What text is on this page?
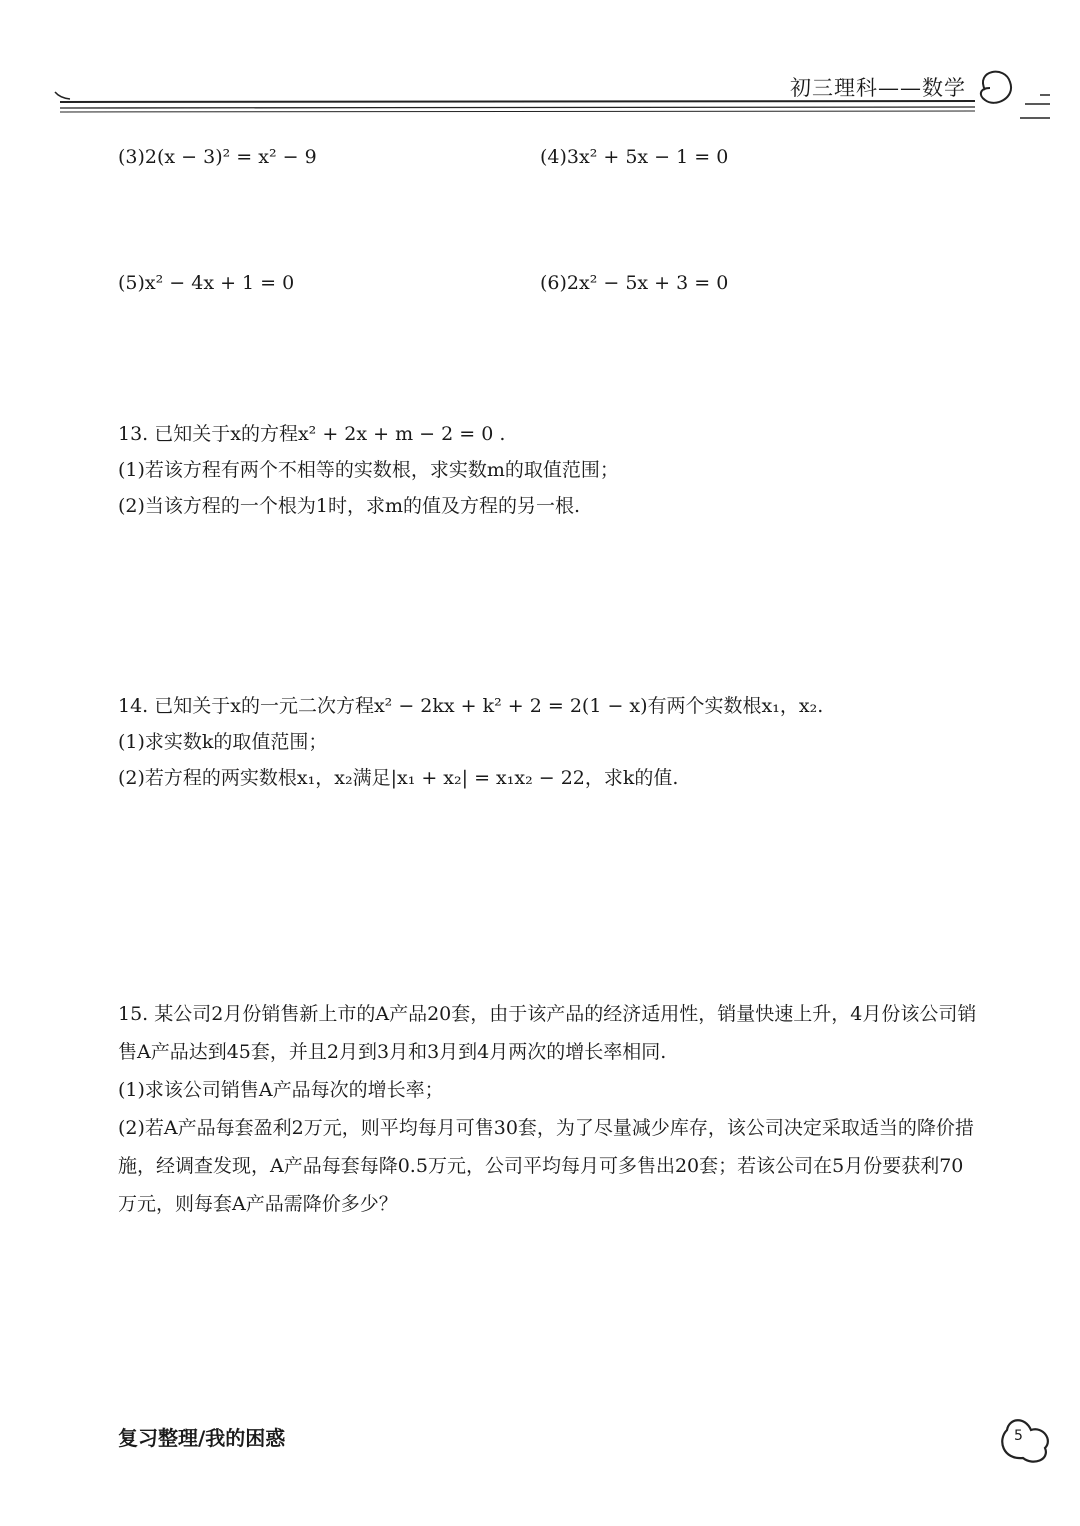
初三理科——数学
(3)2(x − 3)² = x² − 9	(4)3x² + 5x − 1 = 0
(5)x² − 4x + 1 = 0	(6)2x² − 5x + 3 = 0

13. 已知关于x的方程x² + 2x + m − 2 = 0 .

(1)若该方程有两个不相等的实数根，求实数m的取值范围；

(2)当该方程的一个根为1时，求m的值及方程的另一根.

14. 已知关于x的一元二次方程x² − 2kx + k² + 2 = 2(1 − x)有两个实数根x₁，x₂.

(1)求实数k的取值范围；

(2)若方程的两实数根x₁，x₂满足|x₁ + x₂| = x₁x₂ − 22，求k的值.

15. 某公司2月份销售新上市的A产品20套，由于该产品的经济适用性，销量快速上升，4月份该公司销售A产品达到45套，并且2月到3月和3月到4月两次的增长率相同.

(1)求该公司销售A产品每次的增长率；

(2)若A产品每套盈利2万元，则平均每月可售30套，为了尽量减少库存，该公司决定采取适当的降价措施，经调查发现，A产品每套每降0.5万元，公司平均每月可多售出20套；若该公司在5月份要获利70万元，则每套A产品需降价多少？

复习整理/我的困惑	5
